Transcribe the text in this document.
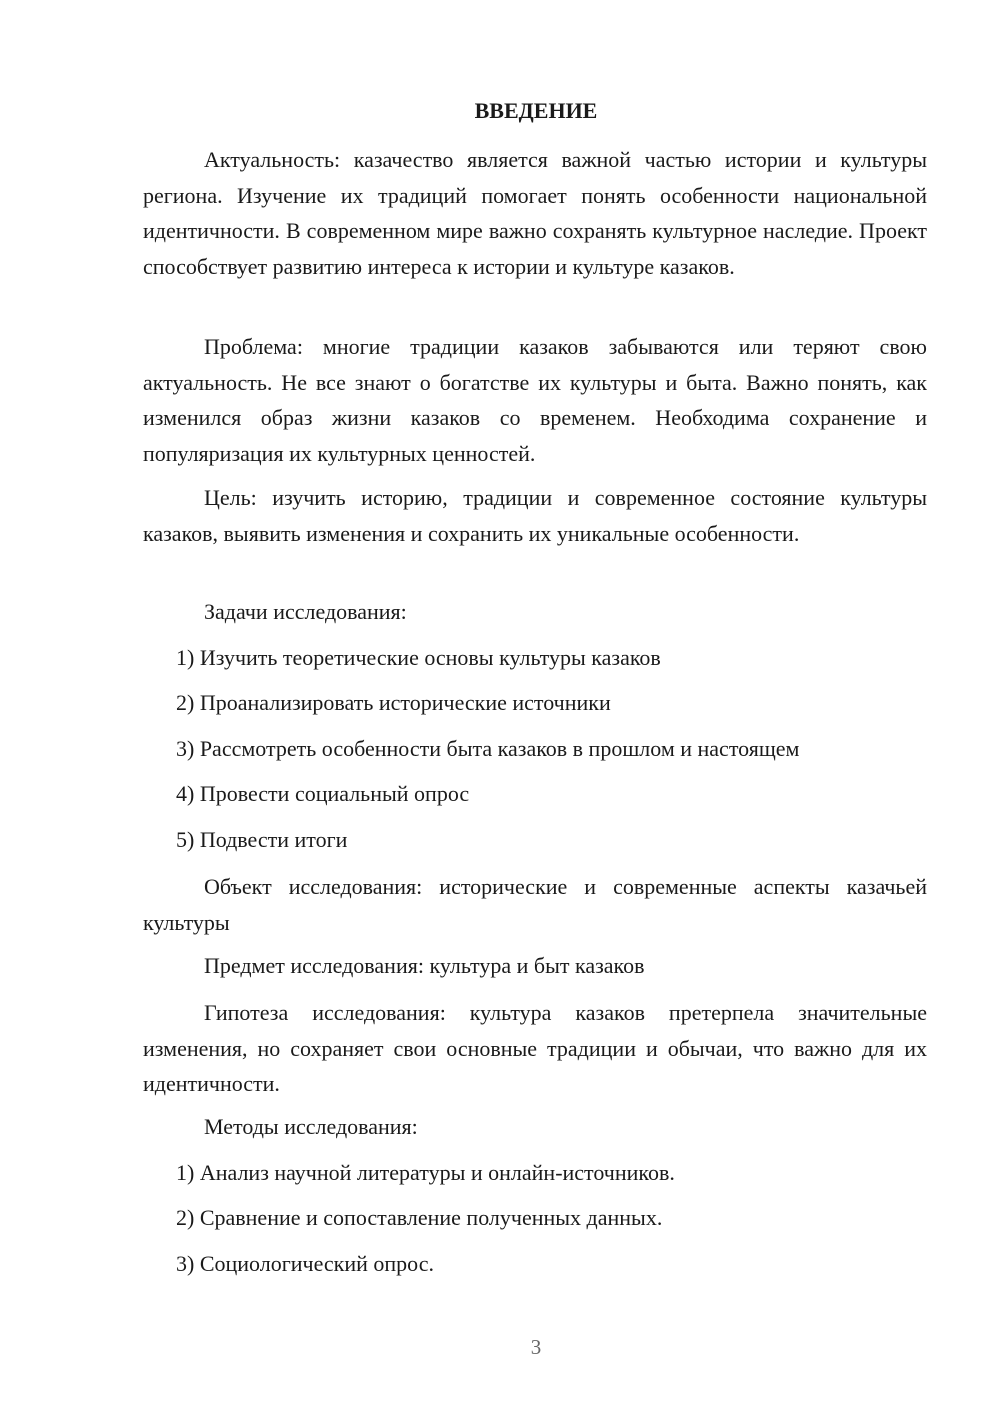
ВВЕДЕНИЕ

Актуальность: казачество является важной частью истории и культуры региона. Изучение их традиций помогает понять особенности национальной идентичности. В современном мире важно сохранять культурное наследие. Проект способствует развитию интереса к истории и культуре казаков.

Проблема: многие традиции казаков забываются или теряют свою актуальность. Не все знают о богатстве их культуры и быта. Важно понять, как изменился образ жизни казаков со временем. Необходима сохранение и популяризация их культурных ценностей.

Цель: изучить историю, традиции и современное состояние культуры казаков, выявить изменения и сохранить их уникальные особенности.

Задачи исследования:

1) Изучить теоретические основы культуры казаков

2) Проанализировать исторические источники

3) Рассмотреть особенности быта казаков в прошлом и настоящем

4) Провести социальный опрос

5) Подвести итоги

Объект исследования: исторические и современные аспекты казачьей культуры

Предмет исследования: культура и быт казаков

Гипотеза исследования: культура казаков претерпела значительные изменения, но сохраняет свои основные традиции и обычаи, что важно для их идентичности.

Методы исследования:

1) Анализ научной литературы и онлайн-источников.

2) Сравнение и сопоставление полученных данных.

3) Социологический опрос.

3
